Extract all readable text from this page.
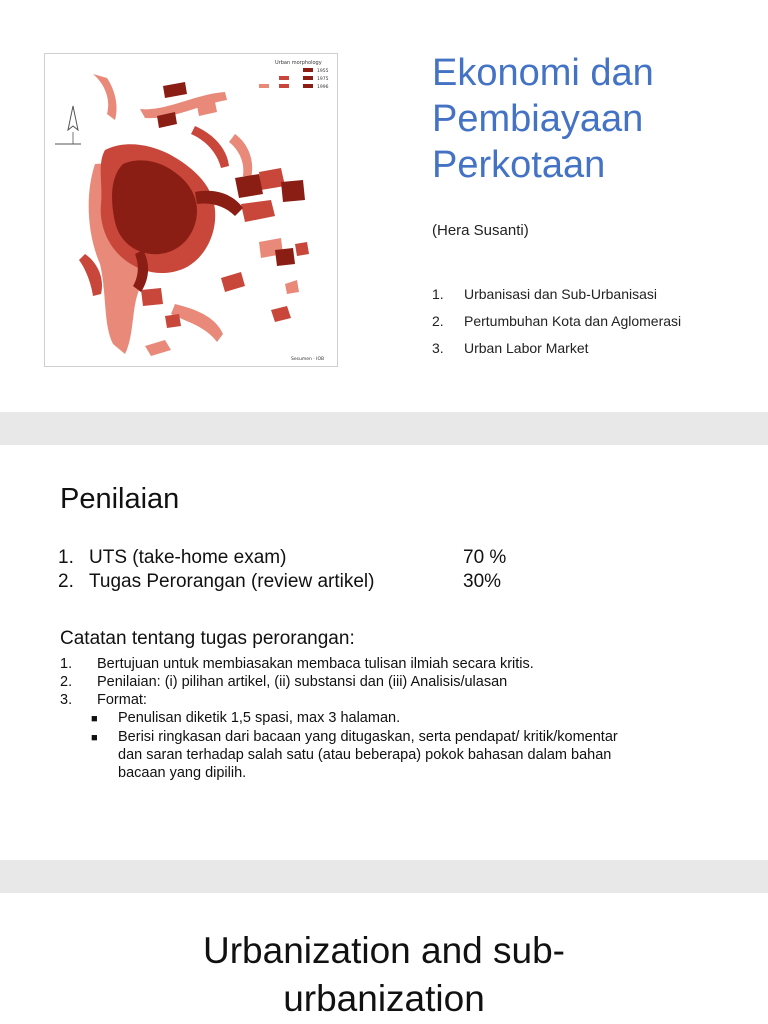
Urban morphology
1955
1975
1996
Sesumen · IOB
Ekonomi dan
Pembiayaan
Perkotaan
(Hera Susanti)
1.	Urbanisasi dan Sub-Urbanisasi
2.	Pertumbuhan Kota dan Aglomerasi
3.	Urban Labor Market
Penilaian
1. UTS (take-home exam)	70 %
2. Tugas Perorangan (review artikel)	30%
Catatan tentang tugas perorangan:
1.	Bertujuan untuk membiasakan membaca tulisan ilmiah secara kritis.
2.	Penilaian: (i) pilihan artikel, (ii) substansi dan (iii) Analisis/ulasan
3.	Format:
■	Penulisan diketik 1,5 spasi, max 3 halaman.
■	Berisi ringkasan dari bacaan yang ditugaskan, serta pendapat/ kritik/komentar dan saran terhadap salah satu (atau beberapa) pokok bahasan dalam bahan bacaan yang dipilih.
Urbanization and sub-
urbanization
